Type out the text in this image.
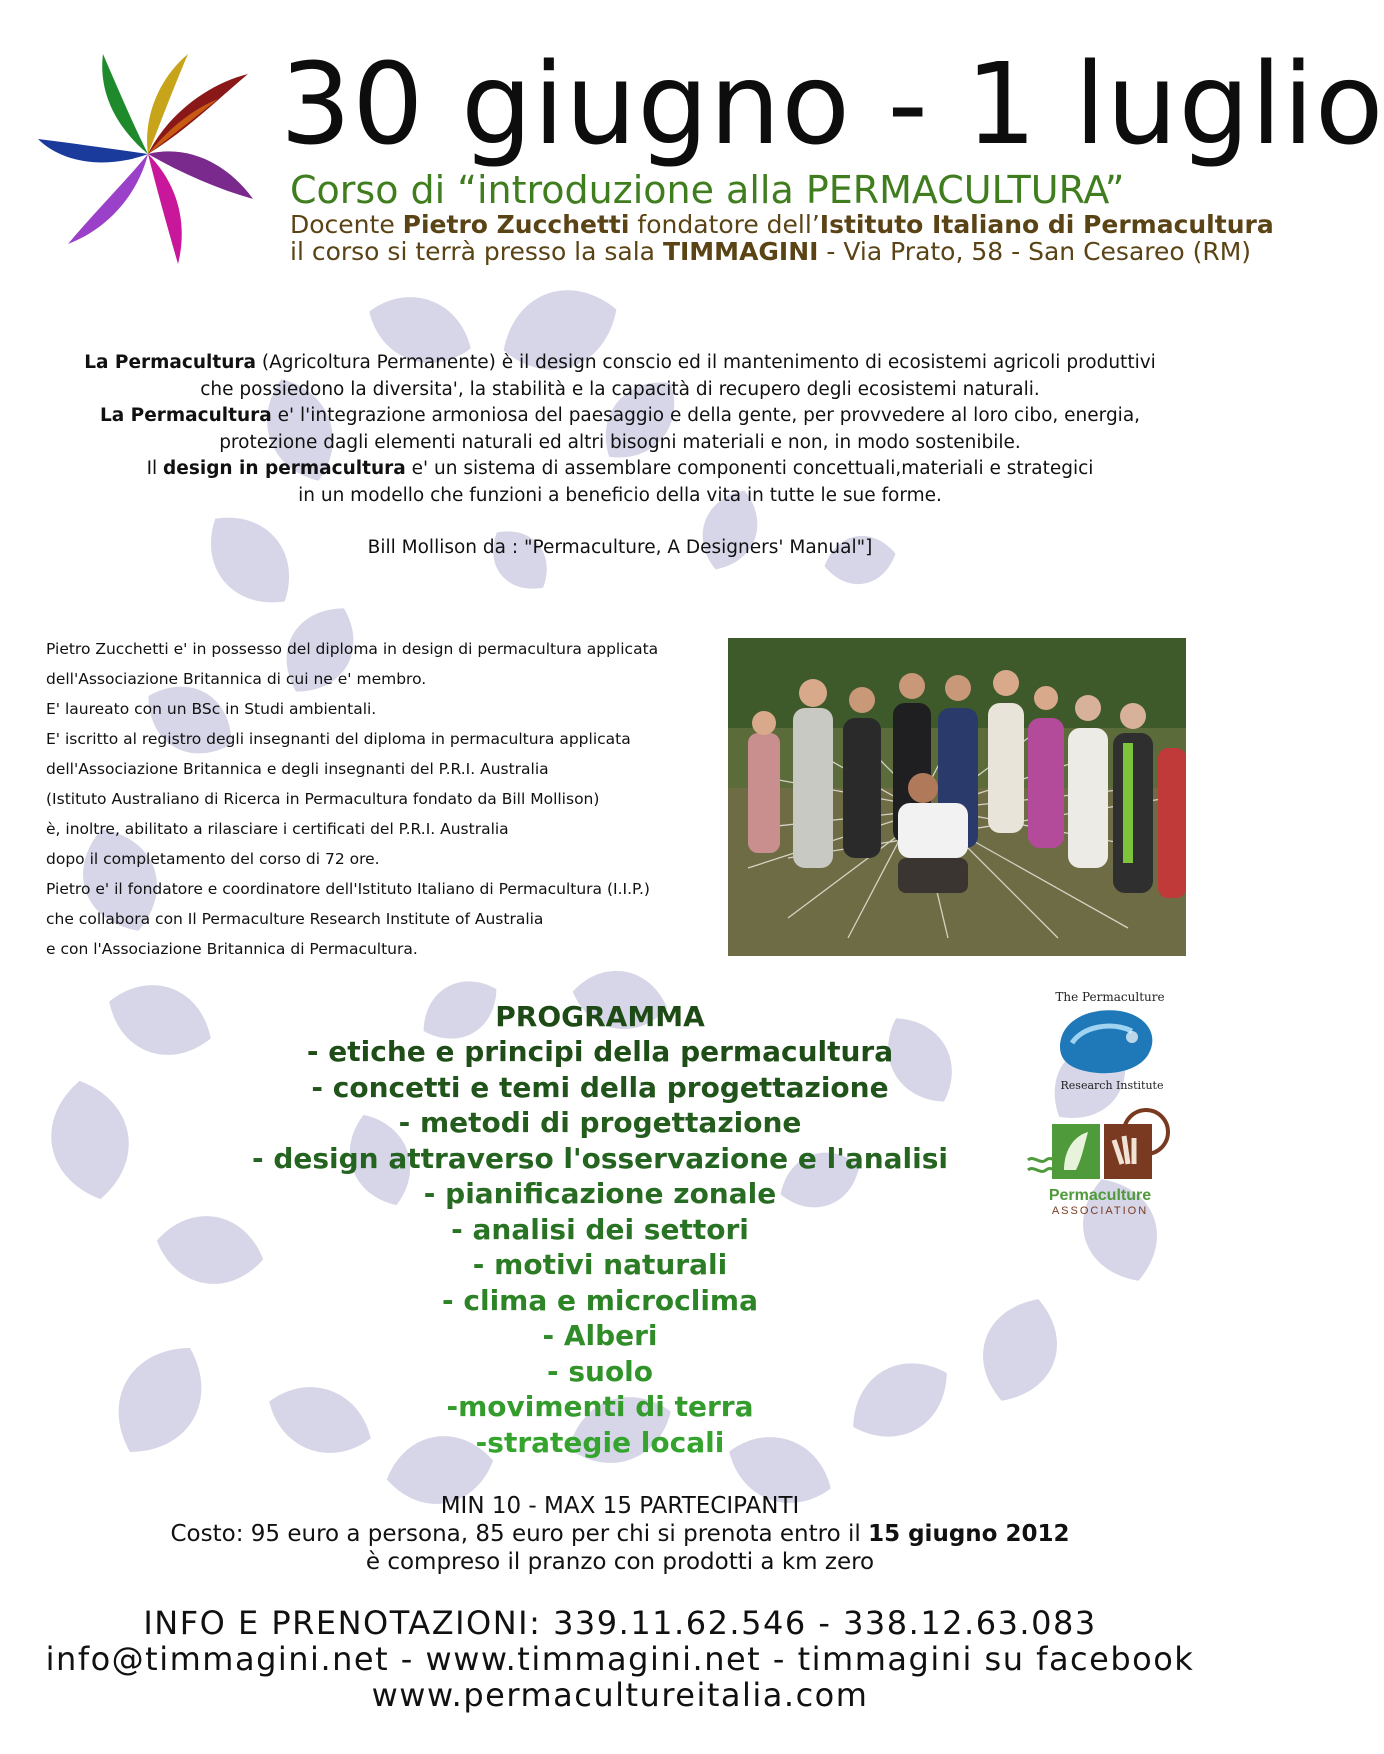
30 giugno - 1 luglio
Corso di “introduzione alla PERMACULTURA”
Docente Pietro Zucchetti fondatore dell’Istituto Italiano di Permacultura
il corso si terrà presso la sala TIMMAGINI - Via Prato, 58 - San Cesareo (RM)

La Permacultura (Agricoltura Permanente) è il design conscio ed il mantenimento di ecosistemi agricoli produttivi

che possiedono la diversita', la stabilità e la capacità di recupero degli ecosistemi naturali.

La Permacultura e' l'integrazione armoniosa del paesaggio e della gente, per provvedere al loro cibo, energia,

protezione dagli elementi naturali ed altri bisogni materiali e non, in modo sostenibile.

Il design in permacultura e' un sistema di assemblare componenti concettuali,materiali e strategici

in un modello che funzioni a beneficio della vita in tutte le sue forme.

Bill Mollison da : "Permaculture, A Designers' Manual"]

Pietro Zucchetti e' in possesso del diploma in design di permacultura applicata
dell'Associazione Britannica di cui ne e' membro.
E' laureato con un BSc in Studi ambientali.
E' iscritto al registro degli insegnanti del diploma in permacultura applicata
dell'Associazione Britannica e degli insegnanti del P.R.I. Australia
(Istituto Australiano di Ricerca in Permacultura fondato da Bill Mollison)
è, inoltre, abilitato a rilasciare i certificati del P.R.I. Australia
dopo il completamento del corso di 72 ore.
Pietro e' il fondatore e coordinatore dell'Istituto Italiano di Permacultura (I.I.P.)
che collabora con Il Permaculture Research Institute of Australia
e con l'Associazione Britannica di Permacultura.
The Permaculture
Research Institute
Permaculture
ASSOCIATION
PROGRAMMA
- etiche e principi della permacultura
- concetti e temi della progettazione
- metodi di progettazione
- design attraverso l'osservazione e l'analisi
- pianificazione zonale
- analisi dei settori
- motivi naturali
- clima e microclima
- Alberi
- suolo
-movimenti di terra
-strategie locali
MIN 10 - MAX 15 PARTECIPANTI
Costo: 95 euro a persona, 85 euro per chi si prenota entro il 15 giugno 2012
è compreso il pranzo con prodotti a km zero
INFO E PRENOTAZIONI: 339.11.62.546 - 338.12.63.083
info@timmagini.net - www.timmagini.net - timmagini su facebook
www.permacultureitalia.com
